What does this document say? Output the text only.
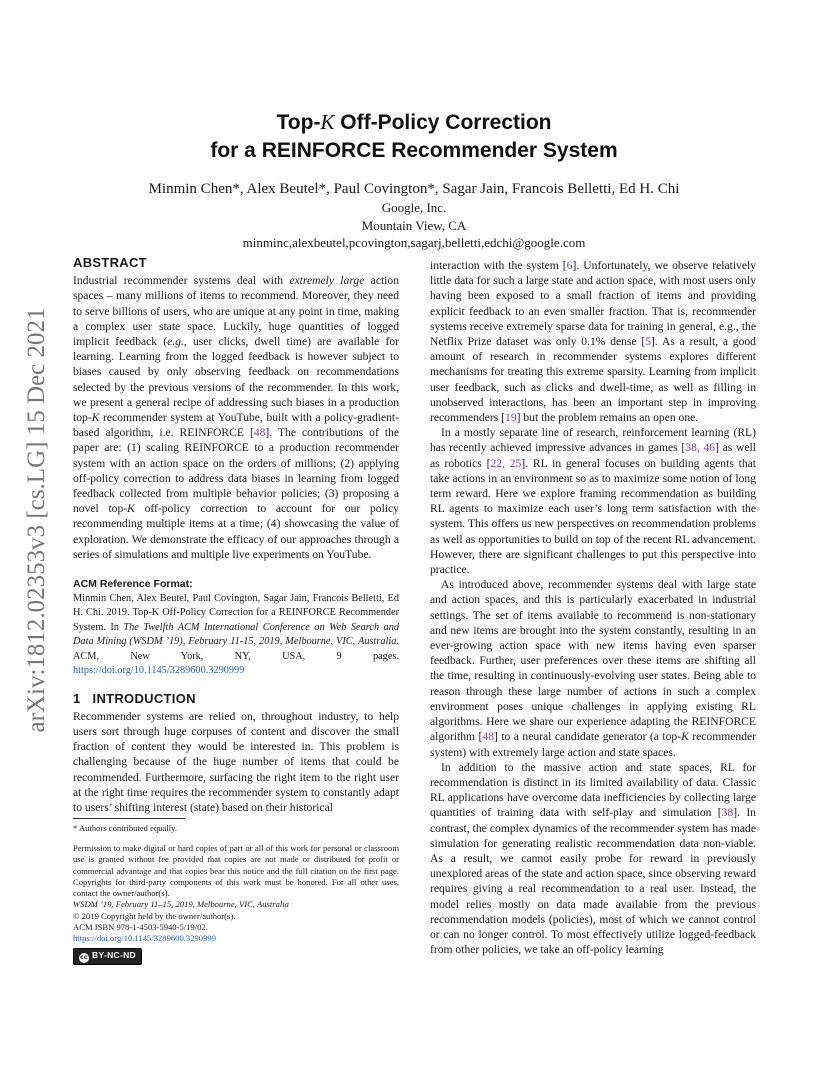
arXiv:1812.02353v3 [cs.LG] 15 Dec 2021
Top-K Off-Policy Correction
for a REINFORCE Recommender System
Minmin Chen*, Alex Beutel*, Paul Covington*, Sagar Jain, Francois Belletti, Ed H. Chi
Google, Inc.
Mountain View, CA
minminc,alexbeutel,pcovington,sagarj,belletti,edchi@google.com
ABSTRACT

Industrial recommender systems deal with extremely large action spaces – many millions of items to recommend. Moreover, they need to serve billions of users, who are unique at any point in time, making a complex user state space. Luckily, huge quantities of logged implicit feedback (e.g., user clicks, dwell time) are available for learning. Learning from the logged feedback is however subject to biases caused by only observing feedback on recommendations selected by the previous versions of the recommender. In this work, we present a general recipe of addressing such biases in a production top-K recommender system at YouTube, built with a policy-gradient-based algorithm, i.e. REINFORCE [48]. The contributions of the paper are: (1) scaling REINFORCE to a production recommender system with an action space on the orders of millions; (2) applying off-policy correction to address data biases in learning from logged feedback collected from multiple behavior policies; (3) proposing a novel top-K off-policy correction to account for our policy recommending multiple items at a time; (4) showcasing the value of exploration. We demonstrate the efficacy of our approaches through a series of simulations and multiple live experiments on YouTube.

ACM Reference Format:

Minmin Chen, Alex Beutel, Paul Covington, Sagar Jain, Francois Belletti, Ed H. Chi. 2019. Top-K Off-Policy Correction for a REINFORCE Recommender System. In The Twelfth ACM International Conference on Web Search and Data Mining (WSDM ’19), February 11-15, 2019, Melbourne, VIC, Australia. ACM, New York, NY, USA, 9 pages. https://doi.org/10.1145/3289600.3290999

1 INTRODUCTION

Recommender systems are relied on, throughout industry, to help users sort through huge corpuses of content and discover the small fraction of content they would be interested in. This problem is challenging because of the huge number of items that could be recommended. Furthermore, surfacing the right item to the right user at the right time requires the recommender system to constantly adapt to users’ shifting interest (state) based on their historical

* Authors contributed equally.

Permission to make digital or hard copies of part or all of this work for personal or classroom use is granted without fee provided that copies are not made or distributed for profit or commercial advantage and that copies bear this notice and the full citation on the first page. Copyrights for third-party components of this work must be honored. For all other uses, contact the owner/author(s).

WSDM ’19, February 11–15, 2019, Melbourne, VIC, Australia
© 2019 Copyright held by the owner/author(s).
ACM ISBN 978-1-4503-5940-5/19/02.
https://doi.org/10.1145/3289600.3290999
cc BY-NC-ND

interaction with the system [6]. Unfortunately, we observe relatively little data for such a large state and action space, with most users only having been exposed to a small fraction of items and providing explicit feedback to an even smaller fraction. That is, recommender systems receive extremely sparse data for training in general, e.g., the Netflix Prize dataset was only 0.1% dense [5]. As a result, a good amount of research in recommender systems explores different mechanisms for treating this extreme sparsity. Learning from implicit user feedback, such as clicks and dwell-time, as well as filling in unobserved interactions, has been an important step in improving recommenders [19] but the problem remains an open one.

In a mostly separate line of research, reinforcement learning (RL) has recently achieved impressive advances in games [38, 46] as well as robotics [22, 25]. RL in general focuses on building agents that take actions in an environment so as to maximize some notion of long term reward. Here we explore framing recommendation as building RL agents to maximize each user’s long term satisfaction with the system. This offers us new perspectives on recommendation problems as well as opportunities to build on top of the recent RL advancement. However, there are significant challenges to put this perspective into practice.

As introduced above, recommender systems deal with large state and action spaces, and this is particularly exacerbated in industrial settings. The set of items available to recommend is non-stationary and new items are brought into the system constantly, resulting in an ever-growing action space with new items having even sparser feedback. Further, user preferences over these items are shifting all the time, resulting in continuously-evolving user states. Being able to reason through these large number of actions in such a complex environment poses unique challenges in applying existing RL algorithms. Here we share our experience adapting the REINFORCE algorithm [48] to a neural candidate generator (a top-K recommender system) with extremely large action and state spaces.

In addition to the massive action and state spaces, RL for recommendation is distinct in its limited availability of data. Classic RL applications have overcome data inefficiencies by collecting large quantities of training data with self-play and simulation [38]. In contrast, the complex dynamics of the recommender system has made simulation for generating realistic recommendation data non-viable. As a result, we cannot easily probe for reward in previously unexplored areas of the state and action space, since observing reward requires giving a real recommendation to a real user. Instead, the model relies mostly on data made available from the previous recommendation models (policies), most of which we cannot control or can no longer control. To most effectively utilize logged-feedback from other policies, we take an off-policy learning
